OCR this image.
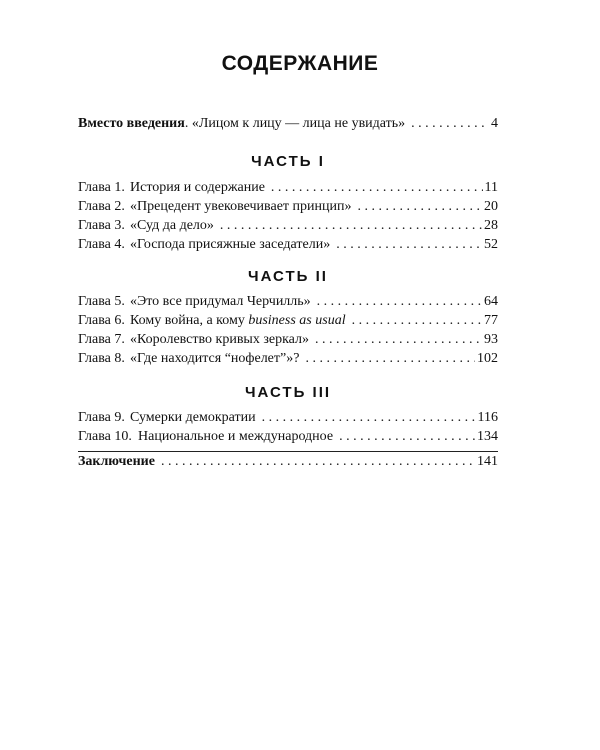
СОДЕРЖАНИЕ
Вместо введения. «Лицом к лицу — лица не увидать» . . .	4
ЧАСТЬ I
Глава 1. История и содержание . . .	11
Глава 2. «Прецедент увековечивает принцип» . . .	20
Глава 3. «Суд да дело» . . .	28
Глава 4. «Господа присяжные заседатели» . . .	52
ЧАСТЬ II
Глава 5. «Это все придумал Черчилль» . . .	64
Глава 6. Кому война, а кому business as usual . . .	77
Глава 7. «Королевство кривых зеркал» . . .	93
Глава 8. «Где находится “нофелет”»? . . .	102
ЧАСТЬ III
Глава 9. Сумерки демократии . . .	116
Глава 10. Национальное и международное . . .	134
Заключение . . .	141
